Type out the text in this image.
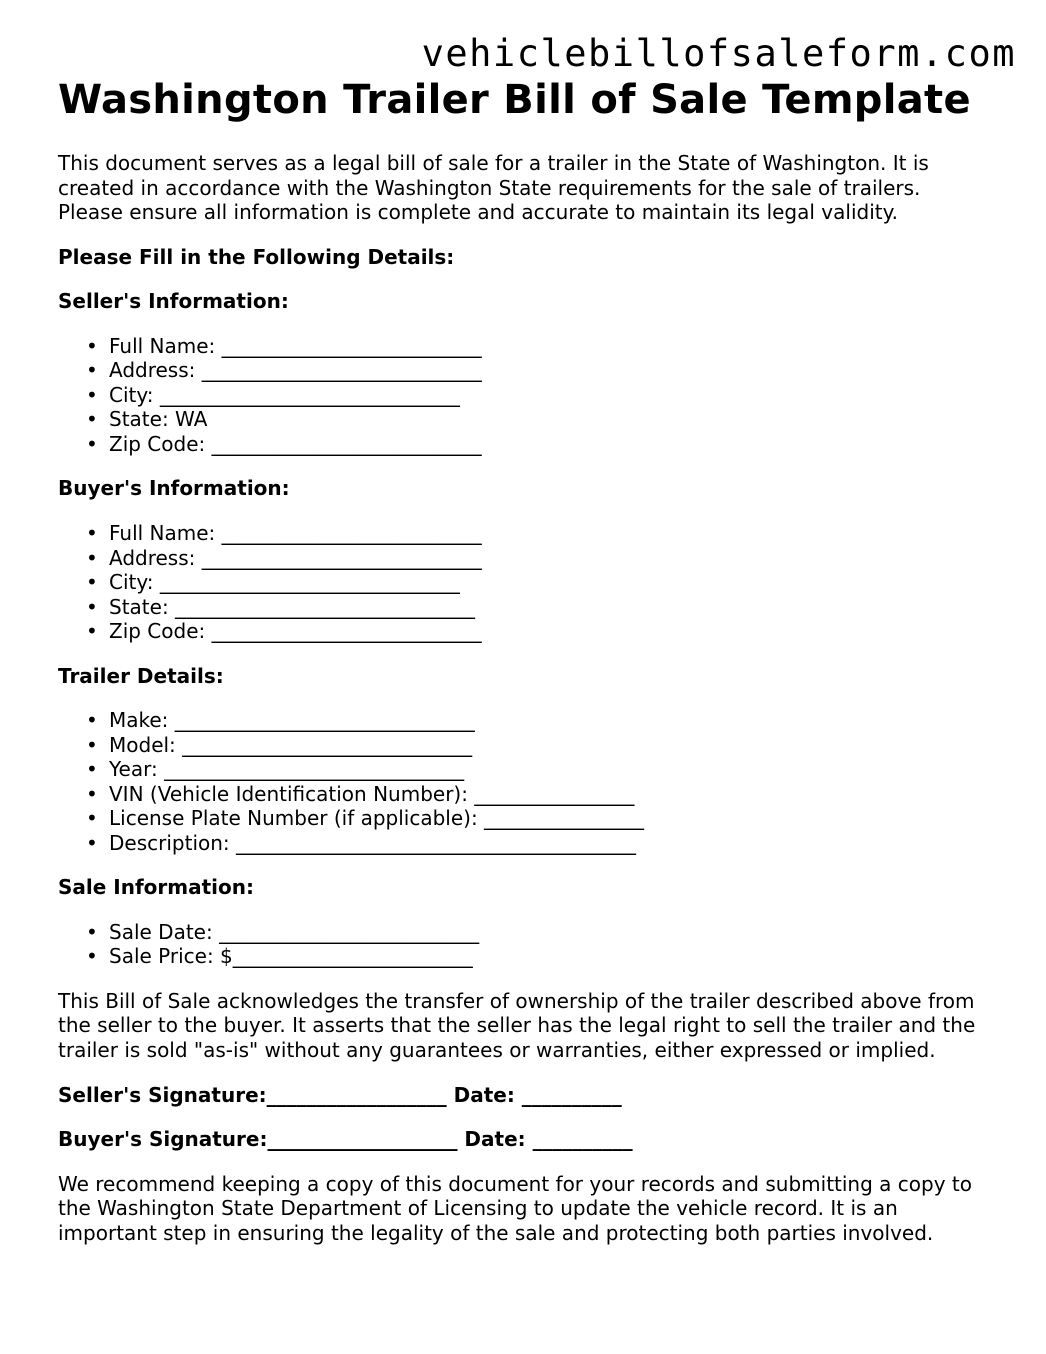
vehiclebillofsaleform.com
Washington Trailer Bill of Sale Template

This document serves as a legal bill of sale for a trailer in the State of Washington. It is created in accordance with the Washington State requirements for the sale of trailers. Please ensure all information is complete and accurate to maintain its legal validity.

Please Fill in the Following Details:
Seller's Information:
• Full Name: __________________________
• Address: ____________________________
• City: ______________________________
• State: WA
• Zip Code: ___________________________
Buyer's Information:
• Full Name: __________________________
• Address: ____________________________
• City: ______________________________
• State: ______________________________
• Zip Code: ___________________________
Trailer Details:
• Make: ______________________________
• Model: _____________________________
• Year: ______________________________
• VIN (Vehicle Identification Number): ________________
• License Plate Number (if applicable): ________________
• Description: ________________________________________
Sale Information:
• Sale Date: __________________________
• Sale Price: $________________________

This Bill of Sale acknowledges the transfer of ownership of the trailer described above from the seller to the buyer. It asserts that the seller has the legal right to sell the trailer and the trailer is sold "as-is" without any guarantees or warranties, either expressed or implied.

Seller's Signature:__________________ Date: __________
Buyer's Signature:___________________ Date: __________

We recommend keeping a copy of this document for your records and submitting a copy to the Washington State Department of Licensing to update the vehicle record. It is an important step in ensuring the legality of the sale and protecting both parties involved.
